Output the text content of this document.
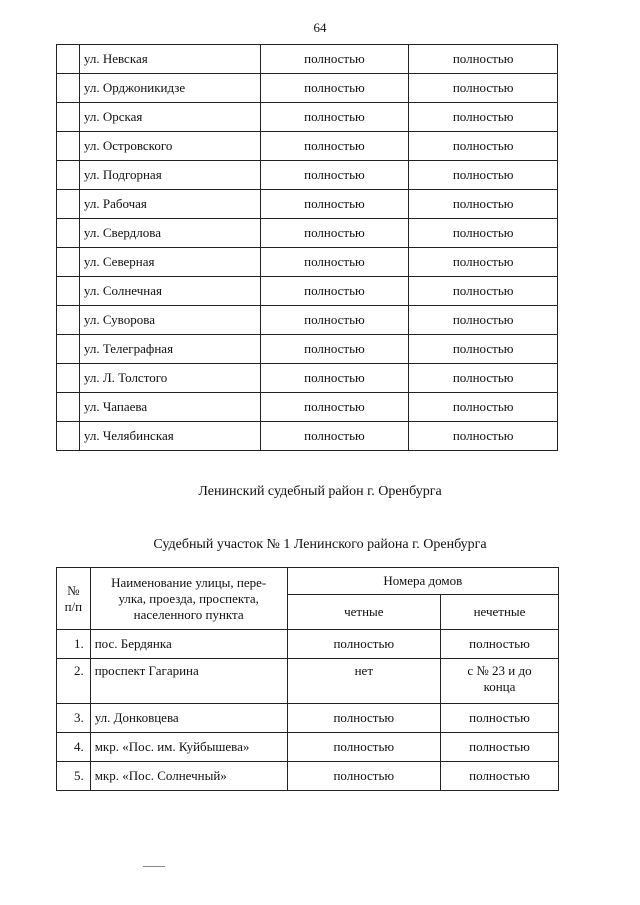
64
	ул. Невская	полностью	полностью
	ул. Орджоникидзе	полностью	полностью
	ул. Орская	полностью	полностью
	ул. Островского	полностью	полностью
	ул. Подгорная	полностью	полностью
	ул. Рабочая	полностью	полностью
	ул. Свердлова	полностью	полностью
	ул. Северная	полностью	полностью
	ул. Солнечная	полностью	полностью
	ул. Суворова	полностью	полностью
	ул. Телеграфная	полностью	полностью
	ул. Л. Толстого	полностью	полностью
	ул. Чапаева	полностью	полностью
	ул. Челябинская	полностью	полностью
Ленинский судебный район г. Оренбурга
Судебный участок № 1 Ленинского района г. Оренбурга
№
п/п	Наименование улицы, пере-
улка, проезда, проспекта,
населенного пункта	Номера домов	
		четные	нечетные
1.	пос. Бердянка	полностью	полностью

2.	проспект Гагарина	нет	с № 23 и до
конца

3.	ул. Донковцева	полностью	полностью

4.	мкр. «Пос. им. Куйбышева»	полностью	полностью

5.	мкр. «Пос. Солнечный»	полностью	полностью
